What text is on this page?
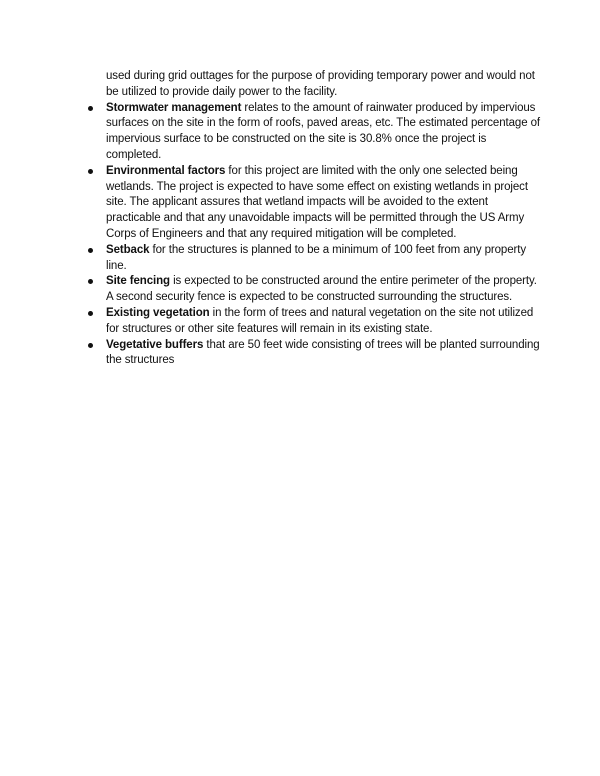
used during grid outtages for the purpose of providing temporary power and would not be utilized to provide daily power to the facility.

Stormwater management relates to the amount of rainwater produced by impervious surfaces on the site in the form of roofs, paved areas, etc. The estimated percentage of impervious surface to be constructed on the site is 30.8% once the project is completed.
Environmental factors for this project are limited with the only one selected being wetlands. The project is expected to have some effect on existing wetlands in project site. The applicant assures that wetland impacts will be avoided to the extent practicable and that any unavoidable impacts will be permitted through the US Army Corps of Engineers and that any required mitigation will be completed.
Setback for the structures is planned to be a minimum of 100 feet from any property line.
Site fencing is expected to be constructed around the entire perimeter of the property. A second security fence is expected to be constructed surrounding the structures.
Existing vegetation in the form of trees and natural vegetation on the site not utilized for structures or other site features will remain in its existing state.
Vegetative buffers that are 50 feet wide consisting of trees will be planted surrounding the structures
